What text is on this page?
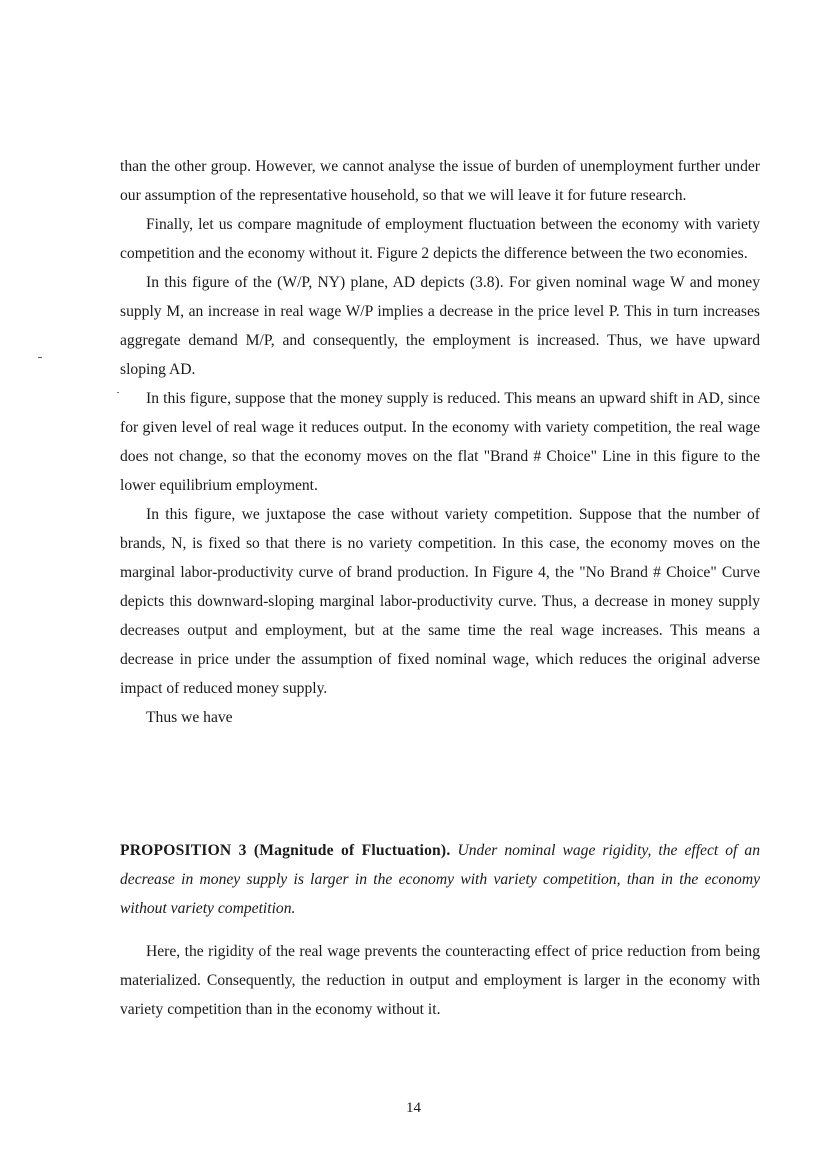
than the other group. However, we cannot analyse the issue of burden of unemployment further under our assumption of the representative household, so that we will leave it for future research.

Finally, let us compare magnitude of employment fluctuation between the economy with variety competition and the economy without it. Figure 2 depicts the difference between the two economies.

In this figure of the (W/P, NY) plane, AD depicts (3.8). For given nominal wage W and money supply M, an increase in real wage W/P implies a decrease in the price level P. This in turn increases aggregate demand M/P, and consequently, the employment is increased. Thus, we have upward sloping AD.

In this figure, suppose that the money supply is reduced. This means an upward shift in AD, since for given level of real wage it reduces output. In the economy with variety competition, the real wage does not change, so that the economy moves on the flat "Brand # Choice" Line in this figure to the lower equilibrium employment.

In this figure, we juxtapose the case without variety competition. Suppose that the number of brands, N, is fixed so that there is no variety competition. In this case, the economy moves on the marginal labor-productivity curve of brand production. In Figure 4, the "No Brand # Choice" Curve depicts this downward-sloping marginal labor-productivity curve. Thus, a decrease in money supply decreases output and employment, but at the same time the real wage increases. This means a decrease in price under the assumption of fixed nominal wage, which reduces the original adverse impact of reduced money supply.

Thus we have

PROPOSITION 3 (Magnitude of Fluctuation). Under nominal wage rigidity, the effect of an decrease in money supply is larger in the economy with variety competition, than in the economy without variety competition.

Here, the rigidity of the real wage prevents the counteracting effect of price reduction from being materialized. Consequently, the reduction in output and employment is larger in the economy with variety competition than in the economy without it.

14
